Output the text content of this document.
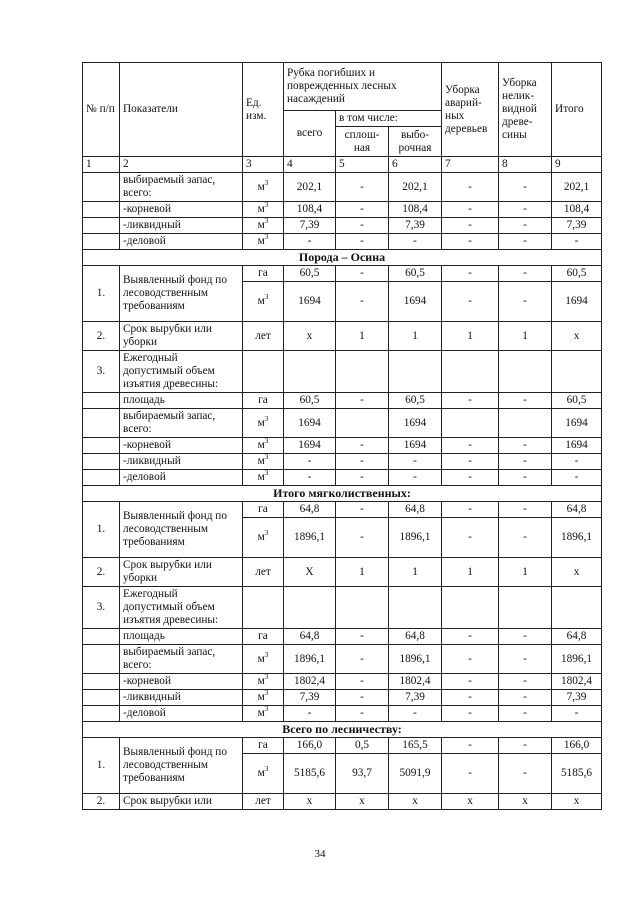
№ п/п	Показатели	Ед. изм.	Рубка погибших и поврежденных лесных насаждений			Уборка аварий-ных деревьев	Уборка нелик-видной древе-сины	Итого
			всего	в том числе:				
				сплош-ная	выбо-рочная			
1	2	3	4	5	6	7	8	9
	выбираемый запас, всего:	$м^3$	202,1	-	202,1	-	-	202,1
	-корневой	$м^3$	108,4	-	108,4	-	-	108,4
	-ликвидный	$м^3$	7,39	-	7,39	-	-	7,39
	-деловой	$м^3$	-	-	-	-	-	-
Порода – Осина								
1.	Выявленный фонд по лесоводственным требованиям	га	60,5	-	60,5	-	-	60,5
		$м^3$	1694	-	1694	-	-	1694
2.	Срок вырубки или уборки	лет	х	1	1	1	1	х
3.	Ежегодный допустимый объем изъятия древесины:							
	площадь	га	60,5	-	60,5	-	-	60,5
	выбираемый запас, всего:	$м^3$	1694		1694			1694
	-корневой	$м^3$	1694	-	1694	-	-	1694
	-ликвидный	$м^3$	-	-	-	-	-	-
	-деловой	$м^3$	-	-	-	-	-	-
Итого мягколиственных:								
1.	Выявленный фонд по лесоводственным требованиям	га	64,8	-	64,8	-	-	64,8
		$м^3$	1896,1	-	1896,1	-	-	1896,1
2.	Срок вырубки или уборки	лет	Х	1	1	1	1	х
3.	Ежегодный допустимый объем изъятия древесины:							
	площадь	га	64,8	-	64,8	-	-	64,8
	выбираемый запас, всего:	$м^3$	1896,1	-	1896,1	-	-	1896,1
	-корневой	$м^3$	1802,4	-	1802,4	-	-	1802,4
	-ликвидный	$м^3$	7,39	-	7,39	-	-	7,39
	-деловой	$м^3$	-	-	-	-	-	-
Всего по лесничеству:								
1.	Выявленный фонд по лесоводственным требованиям	га	166,0	0,5	165,5	-	-	166,0
		$м^3$	5185,6	93,7	5091,9	-	-	5185,6
2.	Срок вырубки или	лет	х	х	х	х	х	х
34
